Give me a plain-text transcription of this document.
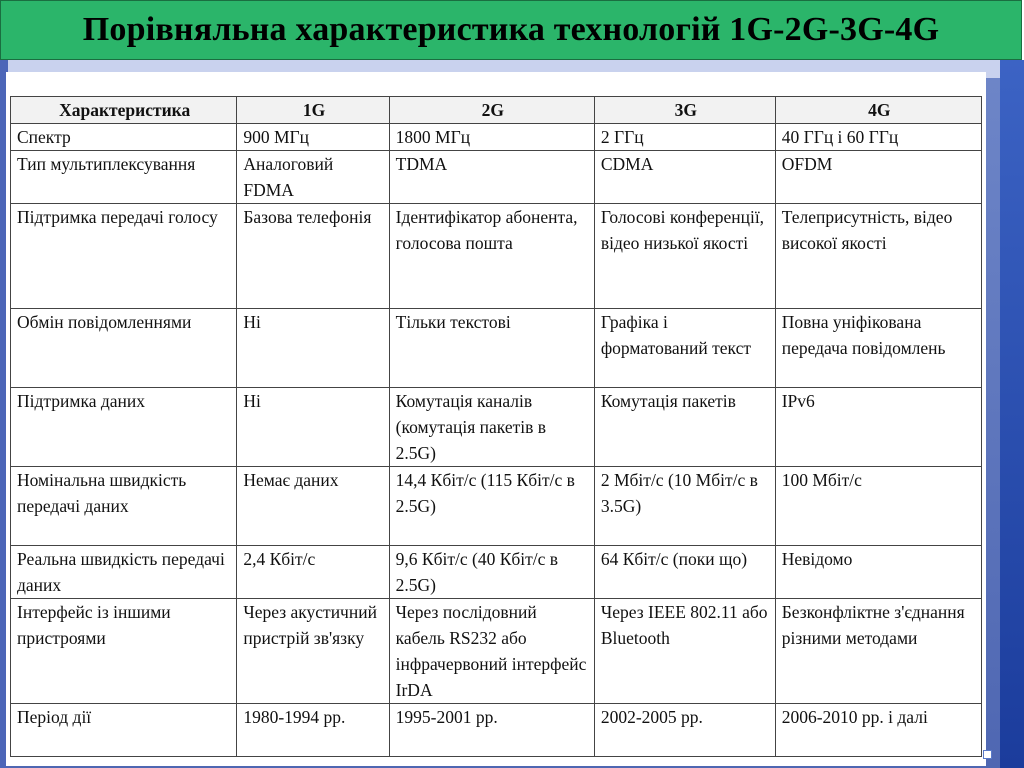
Порівняльна характеристика технологій 1G-2G-3G-4G
Характеристика	1G	2G	3G	4G
Спектр	900 МГц	1800 МГц	2 ГГц	40 ГГц і 60 ГГц
Тип мультиплексування	Аналоговий FDMA	TDMA	CDMA	OFDM
Підтримка передачі голосу	Базова телефонія	Ідентифікатор абонента, голосова пошта	Голосові конференції, відео низької якості	Телеприсутність, відео високої якості
Обмін повідомленнями	Ні	Тільки текстові	Графіка і форматований текст	Повна уніфікована передача повідомлень
Підтримка даних	Ні	Комутація каналів (комутація пакетів в 2.5G)	Комутація пакетів	IPv6
Номінальна швидкість передачі даних	Немає даних	14,4 Кбіт/с (115 Кбіт/с в 2.5G)	2 Мбіт/с (10 Мбіт/с в 3.5G)	100 Мбіт/с
Реальна швидкість передачі даних	2,4 Кбіт/с	9,6 Кбіт/с (40 Кбіт/с в 2.5G)	64 Кбіт/с (поки що)	Невідомо
Інтерфейс із іншими пристроями	Через акустичний пристрій зв'язку	Через послідовний кабель RS232 або інфрачервоний інтерфейс IrDA	Через IEEE 802.11 або Bluetooth	Безконфліктне з'єднання різними методами
Період дії	1980-1994 рр.	1995-2001 рр.	2002-2005 рр.	2006-2010 рр. і далі
